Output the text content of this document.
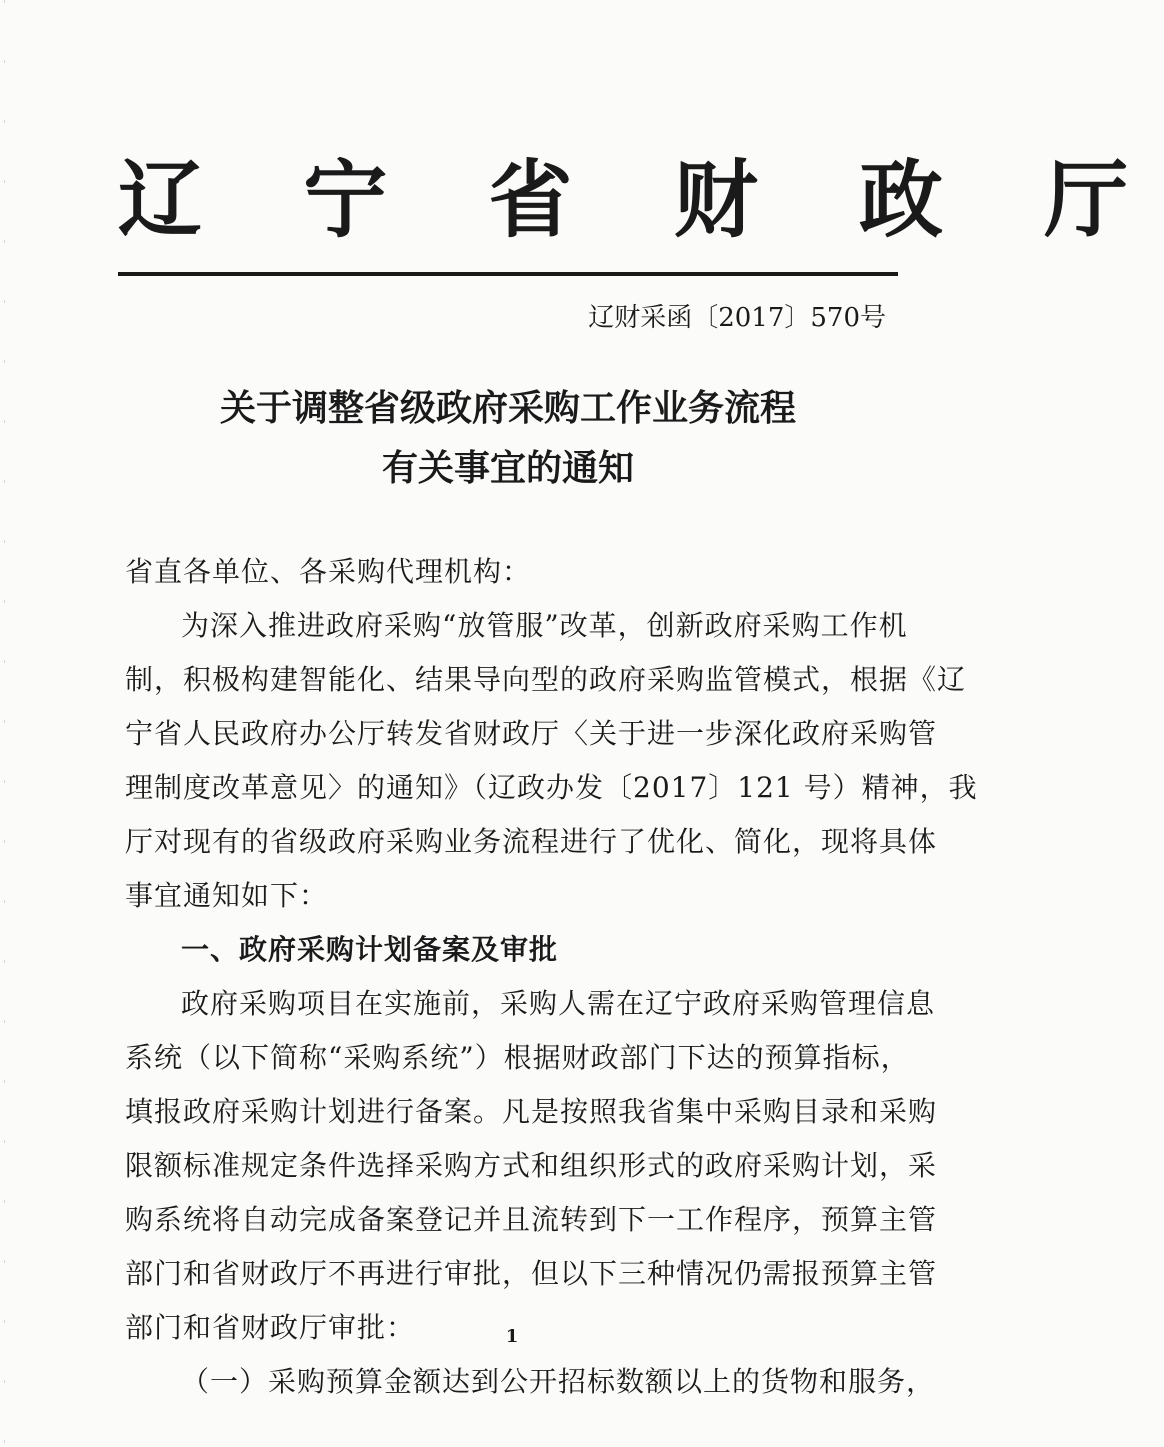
辽 宁 省 财 政 厅
辽财采函〔2017〕570号
关于调整省级政府采购工作业务流程
有关事宜的通知
省直各单位、各采购代理机构：
为深入推进政府采购“放管服”改革，创新政府采购工作机
制，积极构建智能化、结果导向型的政府采购监管模式，根据《辽
宁省人民政府办公厅转发省财政厅〈关于进一步深化政府采购管
理制度改革意见〉的通知》（辽政办发〔2017〕121 号）精神，我
厅对现有的省级政府采购业务流程进行了优化、简化，现将具体
事宜通知如下：
一、政府采购计划备案及审批
政府采购项目在实施前，采购人需在辽宁政府采购管理信息
系统（以下简称“采购系统”）根据财政部门下达的预算指标，
填报政府采购计划进行备案。凡是按照我省集中采购目录和采购
限额标准规定条件选择采购方式和组织形式的政府采购计划，采
购系统将自动完成备案登记并且流转到下一工作程序，预算主管
部门和省财政厅不再进行审批，但以下三种情况仍需报预算主管
部门和省财政厅审批：
（一）采购预算金额达到公开招标数额以上的货物和服务，
1
